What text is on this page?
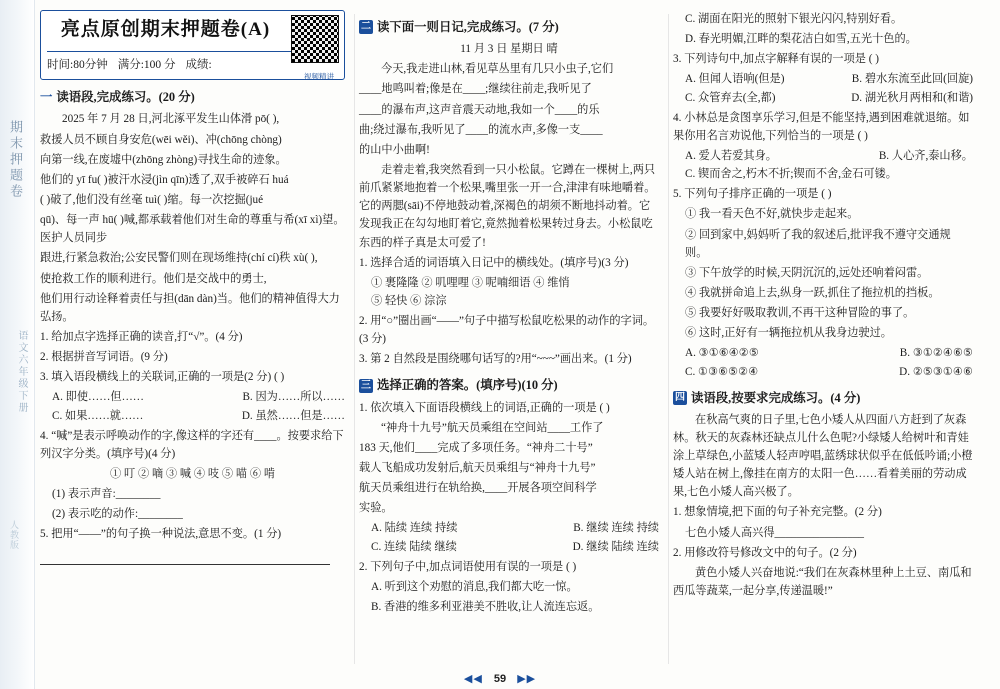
期末押题卷
语文六年级下册
人教版
亮点原创期末押题卷(A)
时间:80分钟 满分:100 分 成绩:
视频精讲
一 读语段,完成练习。(20 分)

2025 年 7 月 28 日,河北涿平发生山体滑 pō( ),

救援人员不顾自身安危(wēi wěi)、冲(chōng chòng)

向第一线,在废墟中(zhōng zhòng)寻找生命的迹象。

他们的 yī fu( )被汗水浸(jìn qīn)透了,双手被碎石 huá

( )破了,他们没有丝毫 tuì( )缩。每一次挖掘(jué

qū)、每一声 hū( )喊,都承载着他们对生命的尊重与希(xī xì)望。医护人员同步

跟进,行紧急救治;公安民警们则在现场维持(chí cí)秩 xù( ),

使抢救工作的顺利进行。他们是交战中的勇士,

他们用行动诠释着责任与担(dān dàn)当。他们的精神值得大力弘扬。

1. 给加点字选择正确的读音,打“√”。(4 分)

2. 根据拼音写词语。(9 分)

3. 填入语段横线上的关联词,正确的一项是(2 分) ( )

A. 即使……但……	B. 因为……所以……
C. 如果……就……	D. 虽然……但是……

4. “喊”是表示呼唤动作的字,像这样的字还有____。按要求给下列汉字分类。(填序号)(4 分)

① 叮 ② 嘀 ③ 喊 ④ 吱 ⑤ 喵 ⑥ 啃

(1) 表示声音:________

(2) 表示吃的动作:________

5. 把用“——”的句子换一种说法,意思不变。(1 分)

二 读下面一则日记,完成练习。(7 分)

11 月 3 日 星期日 晴

今天,我走进山林,看见草丛里有几只小虫子,它们

____地鸣叫着;像是在____;继续往前走,我听见了

____的瀑布声,这声音震天动地,我如一个____的乐

曲;绕过瀑布,我听见了____的流水声,多像一支____

的山中小曲啊!

走着走着,我突然看到一只小松鼠。它蹲在一棵树上,两只前爪紧紧地抱着一个松果,嘴里张一开一合,津津有味地嚼着。它的两腮(sāi)不停地鼓动着,深褐色的胡须不断地抖动着。它发现我正在勾勾地盯着它,竟然抛着松果转过身去。小松鼠吃东西的样子真是太可爱了!

1. 选择合适的词语填入日记中的横线处。(填序号)(3 分)

① 裹隆隆 ② 叽哩哩 ③ 呢喃细语 ④ 维悄
⑤ 轻快 ⑥ 淙淙

2. 用“○”圈出画“——”句子中描写松鼠吃松果的动作的字词。(3 分)

3. 第 2 自然段是围绕哪句话写的?用“~~~”画出来。(1 分)

三 选择正确的答案。(填序号)(10 分)

1. 依次填入下面语段横线上的词语,正确的一项是 ( )

“神舟十九号”航天员乘组在空间站____工作了

183 天,他们____完成了多项任务。“神舟二十号”

载人飞船成功发射后,航天员乘组与“神舟十九号”

航天员乘组进行在轨给换,____开展各项空间科学

实验。

A. 陆续 连续 持续	B. 继续 连续 持续
C. 连续 陆续 继续	D. 继续 陆续 连续

2. 下列句子中,加点词语使用有误的一项是 ( )

A. 听到这个劝慰的消息,我们都大吃一惊。

B. 香港的维多利亚港美不胜收,让人流连忘返。

C. 湖面在阳光的照射下银光闪闪,特别好看。

D. 春光明媚,江畔的梨花洁白如雪,五光十色的。

3. 下列诗句中,加点字解释有误的一项是 ( )

A. 但闻人语响(但是)	B. 碧水东流至此回(回旋)
C. 众管弃去(全,都)	D. 湖光秋月两相和(和谐)

4. 小林总是贪图享乐学习,但是不能坚持,遇到困难就退缩。如果你用名言劝说他,下列恰当的一项是 ( )

A. 爱人若爱其身。	B. 人心齐,泰山移。

C. 锲而舍之,朽木不折;锲而不舍,金石可镂。

5. 下列句子排序正确的一项是 ( )

① 我一看天色不好,就快步走起来。

② 回到家中,妈妈听了我的叙述后,批评我不遵守交通规则。

③ 下午放学的时候,天阴沉沉的,远处还响着闷雷。

④ 我就拼命追上去,纵身一跃,抓住了拖拉机的挡板。

⑤ 我要好好吸取教训,不再干这种冒险的事了。

⑥ 这时,正好有一辆拖拉机从我身边驶过。

A. ③①⑥④②⑤	B. ③①②④⑥⑤
C. ①③⑥⑤②④	D. ②⑤③①④⑥
四 读语段,按要求完成练习。(4 分)

在秋高气爽的日子里,七色小矮人从四面八方赶到了灰森林。秋天的灰森林还缺点儿什么色呢?小绿矮人给树叶和青娃涂上草绿色,小蓝矮人轻声哼唱,蓝绣球状似乎在低低吟诵;小橙矮人站在树上,像挂在南方的太阳一色……看着美丽的劳动成果,七色小矮人高兴极了。

1. 想象情境,把下面的句子补充完整。(2 分)

七色小矮人高兴得________________

2. 用修改符号修改文中的句子。(2 分)

黄色小矮人兴奋地说:“我们在灰森林里种上土豆、南瓜和西瓜等蔬菜,一起分享,传递温暖!”

◀◀ 59 ▶▶
